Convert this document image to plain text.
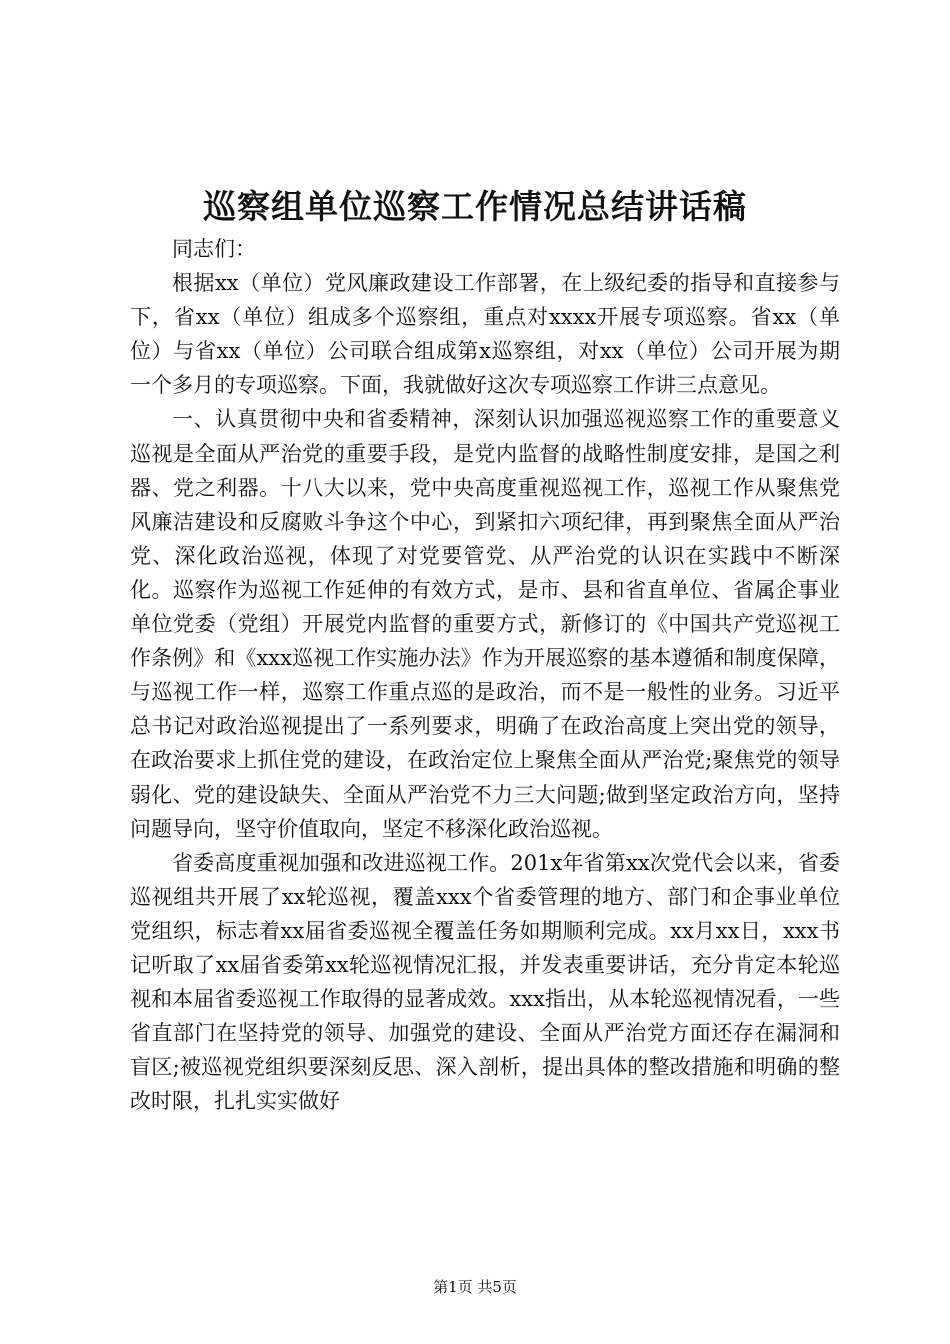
巡察组单位巡察工作情况总结讲话稿

同志们：

根据xx（单位）党风廉政建设工作部署，在上级纪委的指导和直接参与下，省xx（单位）组成多个巡察组，重点对xxxx开展专项巡察。省xx（单位）与省xx（单位）公司联合组成第x巡察组，对xx（单位）公司开展为期一个多月的专项巡察。下面，我就做好这次专项巡察工作讲三点意见。

一、认真贯彻中央和省委精神，深刻认识加强巡视巡察工作的重要意义巡视是全面从严治党的重要手段，是党内监督的战略性制度安排，是国之利器、党之利器。十八大以来，党中央高度重视巡视工作，巡视工作从聚焦党风廉洁建设和反腐败斗争这个中心，到紧扣六项纪律，再到聚焦全面从严治党、深化政治巡视，体现了对党要管党、从严治党的认识在实践中不断深化。巡察作为巡视工作延伸的有效方式，是市、县和省直单位、省属企事业单位党委（党组）开展党内监督的重要方式，新修订的《中国共产党巡视工作条例》和《xxx巡视工作实施办法》作为开展巡察的基本遵循和制度保障，与巡视工作一样，巡察工作重点巡的是政治，而不是一般性的业务。习近平总书记对政治巡视提出了一系列要求，明确了在政治高度上突出党的领导，在政治要求上抓住党的建设，在政治定位上聚焦全面从严治党;聚焦党的领导弱化、党的建设缺失、全面从严治党不力三大问题;做到坚定政治方向，坚持问题导向，坚守价值取向，坚定不移深化政治巡视。

省委高度重视加强和改进巡视工作。201x年省第xx次党代会以来，省委巡视组共开展了xx轮巡视，覆盖xxx个省委管理的地方、部门和企事业单位党组织，标志着xx届省委巡视全覆盖任务如期顺利完成。xx月xx日，xxx书记听取了xx届省委第xx轮巡视情况汇报，并发表重要讲话，充分肯定本轮巡视和本届省委巡视工作取得的显著成效。xxx指出，从本轮巡视情况看，一些省直部门在坚持党的领导、加强党的建设、全面从严治党方面还存在漏洞和盲区;被巡视党组织要深刻反思、深入剖析，提出具体的整改措施和明确的整改时限，扎扎实实做好

第1页 共5页
